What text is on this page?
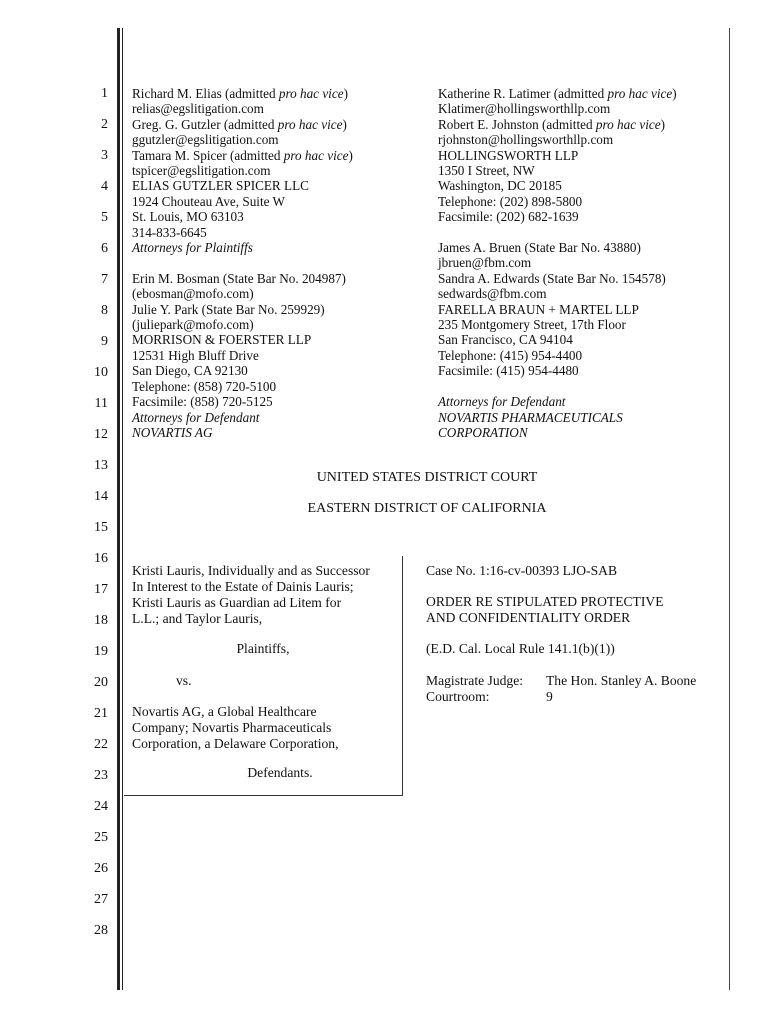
1
2
3
4
5
6
7
8
9
10
11
12
13
14
15
16
17
18
19
20
21
22
23
24
25
26
27
28
Richard M. Elias (admitted pro hac vice)
relias@egslitigation.com
Greg. G. Gutzler (admitted pro hac vice)
ggutzler@egslitigation.com
Tamara M. Spicer (admitted pro hac vice)
tspicer@egslitigation.com
ELIAS GUTZLER SPICER LLC
1924 Chouteau Ave, Suite W
St. Louis, MO 63103
314-833-6645
Attorneys for Plaintiffs
Erin M. Bosman (State Bar No. 204987)
(ebosman@mofo.com)
Julie Y. Park (State Bar No. 259929)
(juliepark@mofo.com)
MORRISON & FOERSTER LLP
12531 High Bluff Drive
San Diego, CA 92130
Telephone: (858) 720-5100
Facsimile: (858) 720-5125
Attorneys for Defendant
NOVARTIS AG
Katherine R. Latimer (admitted pro hac vice)
Klatimer@hollingsworthllp.com
Robert E. Johnston (admitted pro hac vice)
rjohnston@hollingsworthllp.com
HOLLINGSWORTH LLP
1350 I Street, NW
Washington, DC 20185
Telephone: (202) 898-5800
Facsimile: (202) 682-1639
James A. Bruen (State Bar No. 43880)
jbruen@fbm.com
Sandra A. Edwards (State Bar No. 154578)
sedwards@fbm.com
FARELLA BRAUN + MARTEL LLP
235 Montgomery Street, 17th Floor
San Francisco, CA 94104
Telephone: (415) 954-4400
Facsimile: (415) 954-4480
Attorneys for Defendant
NOVARTIS PHARMACEUTICALS
CORPORATION
UNITED STATES DISTRICT COURT
EASTERN DISTRICT OF CALIFORNIA
Kristi Lauris, Individually and as Successor
In Interest to the Estate of Dainis Lauris;
Kristi Lauris as Guardian ad Litem for
L.L.; and Taylor Lauris,
Plaintiffs,
vs.
Novartis AG, a Global Healthcare
Company; Novartis Pharmaceuticals
Corporation, a Delaware Corporation,
Defendants.
Case No. 1:16-cv-00393 LJO-SAB
ORDER RE STIPULATED PROTECTIVE
AND CONFIDENTIALITY ORDER
(E.D. Cal. Local Rule 141.1(b)(1))
Magistrate Judge:	The Hon. Stanley A. Boone
Courtroom:	9
